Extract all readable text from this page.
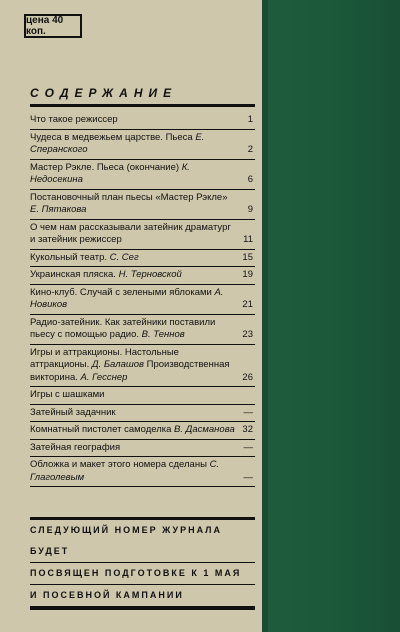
цена 40 коп.
СОДЕРЖАНИЕ
Что такое режиссер	1
Чудеса в медвежьем царстве. Пьеса Е. Сперанского	2
Мастер Рэкле. Пьеса (окончание) К. Недосекина	6
Постановочный план пьесы «Мастер Рэкле» Е. Пятакова	9
О чем нам рассказывали затейник драматург и затейник режиссер	11
Кукольный театр. С. Сег	15
Украинская пляска. Н. Терновской	19
Кино-клуб. Случай с зелеными яблоками А. Новиков	21
Радио-затейник. Как затейники поставили пьесу с помощью радио. В. Теннов	23
Игры и аттракционы. Настольные аттракционы. Д. Балашов Производственная викторина. А. Гесснер	26
Игры с шашками
Затейный задачник	—
Комнатный пистолет самоделка В. Дасманова 32
Затейная география	—
Обложка и макет этого номера сделаны С. Глаголевым	—
СЛЕДУЮЩИЙ НОМЕР ЖУРНАЛА БУДЕТ
ПОСВЯЩЕН ПОДГОТОВКЕ К 1 МАЯ
И ПОСЕВНОЙ КАМПАНИИ
